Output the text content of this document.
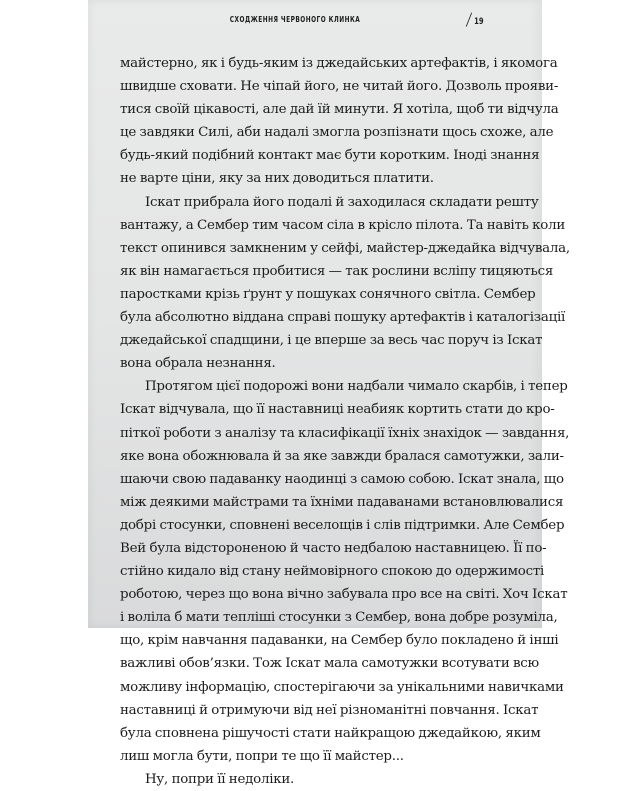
СХОДЖЕННЯ ЧЕРВОНОГО КЛИНКА	/19
майстерно, як і будь-яким із джедайських артефактів, і якомога
швидше сховати. Не чіпай його, не читай його. Дозволь прояви-
тися своїй цікавості, але дай їй минути. Я хотіла, щоб ти відчула
це завдяки Силі, аби надалі змогла розпізнати щось схоже, але
будь-який подібний контакт має бути коротким. Іноді знання
не варте ціни, яку за них доводиться платити.
Іскат прибрала його подалі й заходилася складати решту
вантажу, а Сембер тим часом сіла в крісло пілота. Та навіть коли
текст опинився замкненим у сейфі, майстер-джедайка відчувала,
як він намагається пробитися — так рослини всліпу тицяються
паростками крізь ґрунт у пошуках сонячного світла. Сембер
була абсолютно віддана справі пошуку артефактів і каталогізації
джедайської спадщини, і це вперше за весь час поруч із Іскат
вона обрала незнання.
Протягом цієї подорожі вони надбали чимало скарбів, і тепер
Іскат відчувала, що її наставниці неабияк кортить стати до кро-
піткої роботи з аналізу та класифікації їхніх знахідок — завдання,
яке вона обожнювала й за яке завжди бралася самотужки, зали-
шаючи свою падаванку наодинці з самою собою. Іскат знала, що
між деякими майстрами та їхніми падаванами встановлювалися
добрі стосунки, сповнені веселощів і слів підтримки. Але Сембер
Вей була відстороненою й часто недбалою наставницею. Її по-
стійно кидало від стану неймовірного спокою до одержимості
роботою, через що вона вічно забувала про все на світі. Хоч Іскат
і воліла б мати тепліші стосунки з Сембер, вона добре розуміла,
що, крім навчання падаванки, на Сембер було покладено й інші
важливі обов’язки. Тож Іскат мала самотужки всотувати всю
можливу інформацію, спостерігаючи за унікальними навичками
наставниці й отримуючи від неї різноманітні повчання. Іскат
була сповнена рішучості стати найкращою джедайкою, яким
лиш могла бути, попри те що її майстер...
Ну, попри її недоліки.
